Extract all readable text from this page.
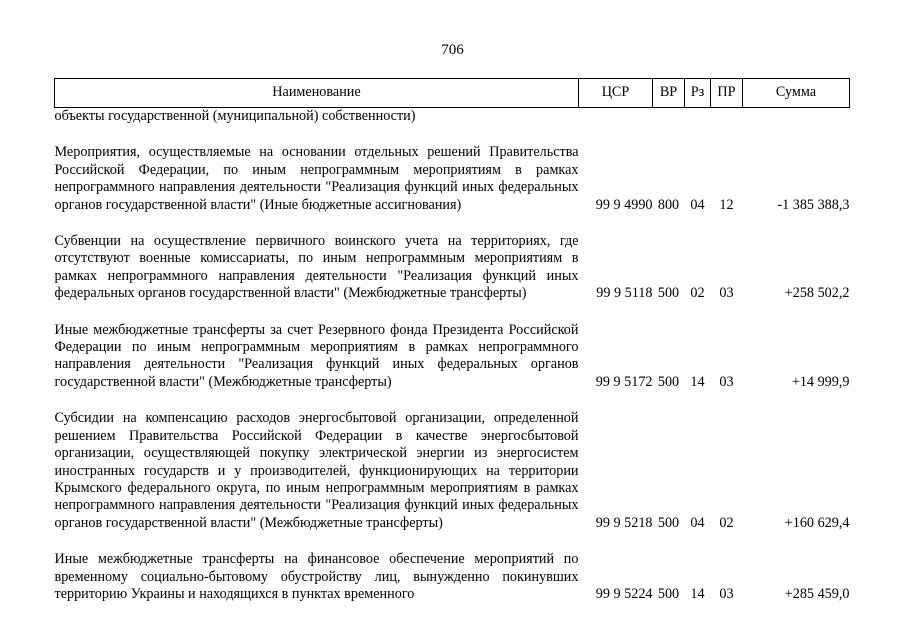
706
Наименование	ЦСР	ВР	Рз	ПР	Сумма
объекты государственной (муниципальной) собственности)					

Мероприятия, осуществляемые на основании отдельных решений Правительства Российской Федерации, по иным непрограммным мероприятиям в рамках непрограммного направления деятельности "Реализация функций иных федеральных органов государственной власти" (Иные бюджетные ассигнования)	99 9 4990	800	04	12	-1 385 388,3

Субвенции на осуществление первичного воинского учета на территориях, где отсутствуют военные комиссариаты, по иным непрограммным мероприятиям в рамках непрограммного направления деятельности "Реализация функций иных федеральных органов государственной власти" (Межбюджетные трансферты)	99 9 5118	500	02	03	+258 502,2

Иные межбюджетные трансферты за счет Резервного фонда Президента Российской Федерации по иным непрограммным мероприятиям в рамках непрограммного направления деятельности "Реализация функций иных федеральных органов государственной власти" (Межбюджетные трансферты)	99 9 5172	500	14	03	+14 999,9

Субсидии на компенсацию расходов энергосбытовой организации, определенной решением Правительства Российской Федерации в качестве энергосбытовой организации, осуществляющей покупку электрической энергии из энергосистем иностранных государств и у производителей, функционирующих на территории Крымского федерального округа, по иным непрограммным мероприятиям в рамках непрограммного направления деятельности "Реализация функций иных федеральных органов государственной власти" (Межбюджетные трансферты)	99 9 5218	500	04	02	+160 629,4

Иные межбюджетные трансферты на финансовое обеспечение мероприятий по временному социально-бытовому обустройству лиц, вынужденно покинувших территорию Украины и находящихся в пунктах временного	99 9 5224	500	14	03	+285 459,0
